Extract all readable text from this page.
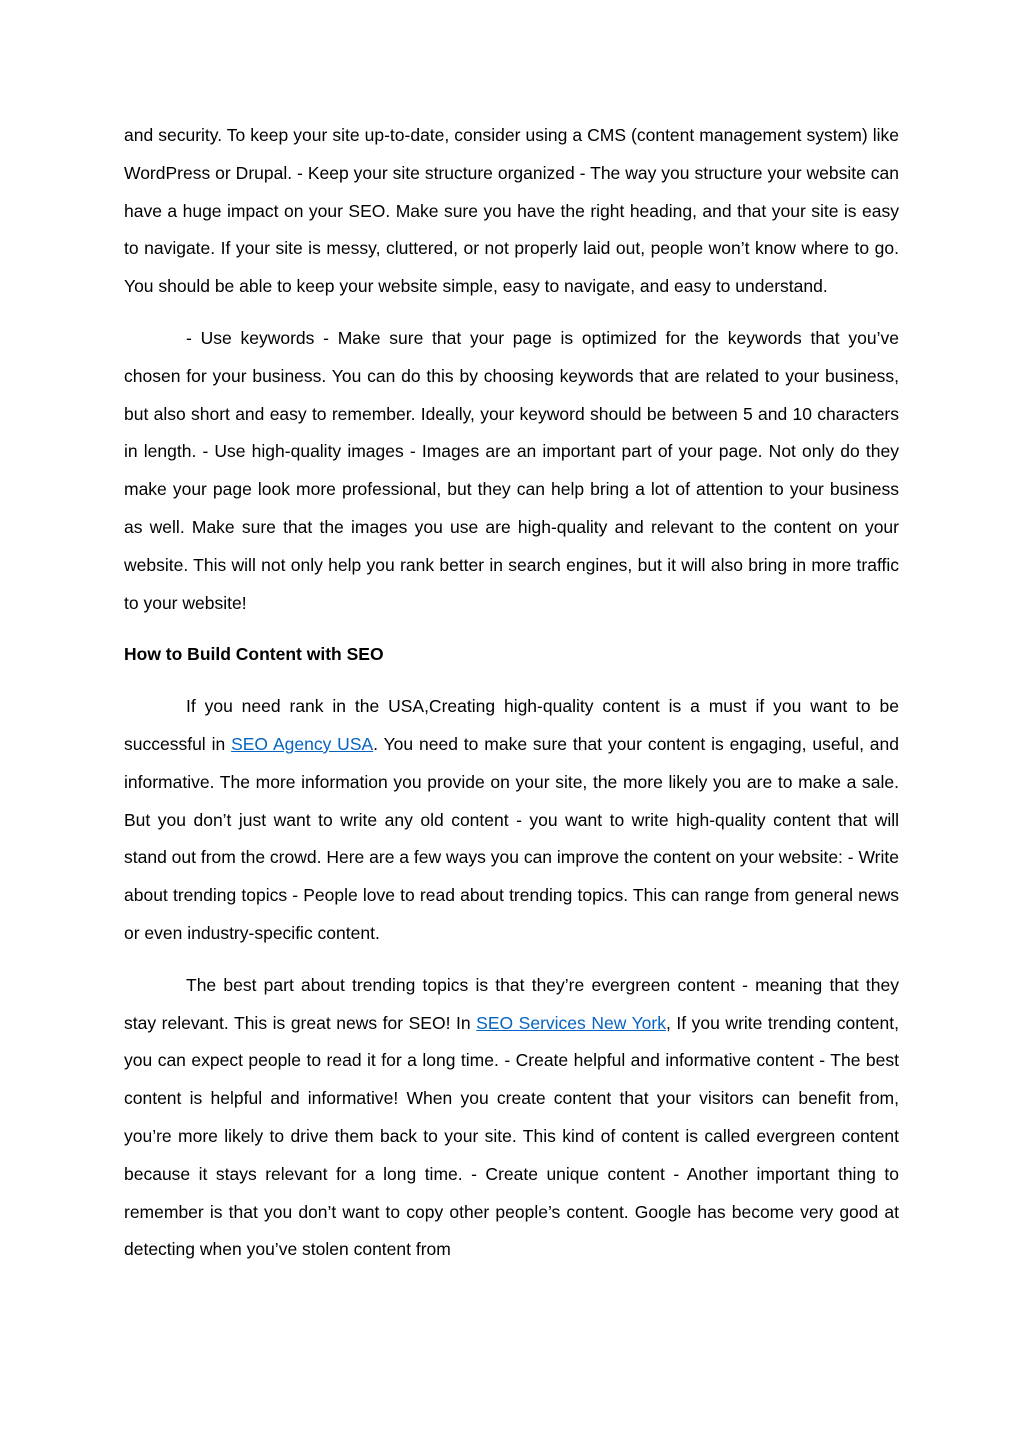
and security. To keep your site up-to-date, consider using a CMS (content management system) like WordPress or Drupal. - Keep your site structure organized - The way you structure your website can have a huge impact on your SEO. Make sure you have the right heading, and that your site is easy to navigate. If your site is messy, cluttered, or not properly laid out, people won’t know where to go. You should be able to keep your website simple, easy to navigate, and easy to understand.

- Use keywords - Make sure that your page is optimized for the keywords that you’ve chosen for your business. You can do this by choosing keywords that are related to your business, but also short and easy to remember. Ideally, your keyword should be between 5 and 10 characters in length. - Use high-quality images - Images are an important part of your page. Not only do they make your page look more professional, but they can help bring a lot of attention to your business as well. Make sure that the images you use are high-quality and relevant to the content on your website. This will not only help you rank better in search engines, but it will also bring in more traffic to your website!

How to Build Content with SEO

If you need rank in the USA,Creating high-quality content is a must if you want to be successful in SEO Agency USA. You need to make sure that your content is engaging, useful, and informative. The more information you provide on your site, the more likely you are to make a sale. But you don’t just want to write any old content - you want to write high-quality content that will stand out from the crowd. Here are a few ways you can improve the content on your website: - Write about trending topics - People love to read about trending topics. This can range from general news or even industry-specific content.

The best part about trending topics is that they’re evergreen content - meaning that they stay relevant. This is great news for SEO! In SEO Services New York, If you write trending content, you can expect people to read it for a long time. - Create helpful and informative content - The best content is helpful and informative! When you create content that your visitors can benefit from, you’re more likely to drive them back to your site. This kind of content is called evergreen content because it stays relevant for a long time. - Create unique content - Another important thing to remember is that you don’t want to copy other people’s content. Google has become very good at detecting when you’ve stolen content from
